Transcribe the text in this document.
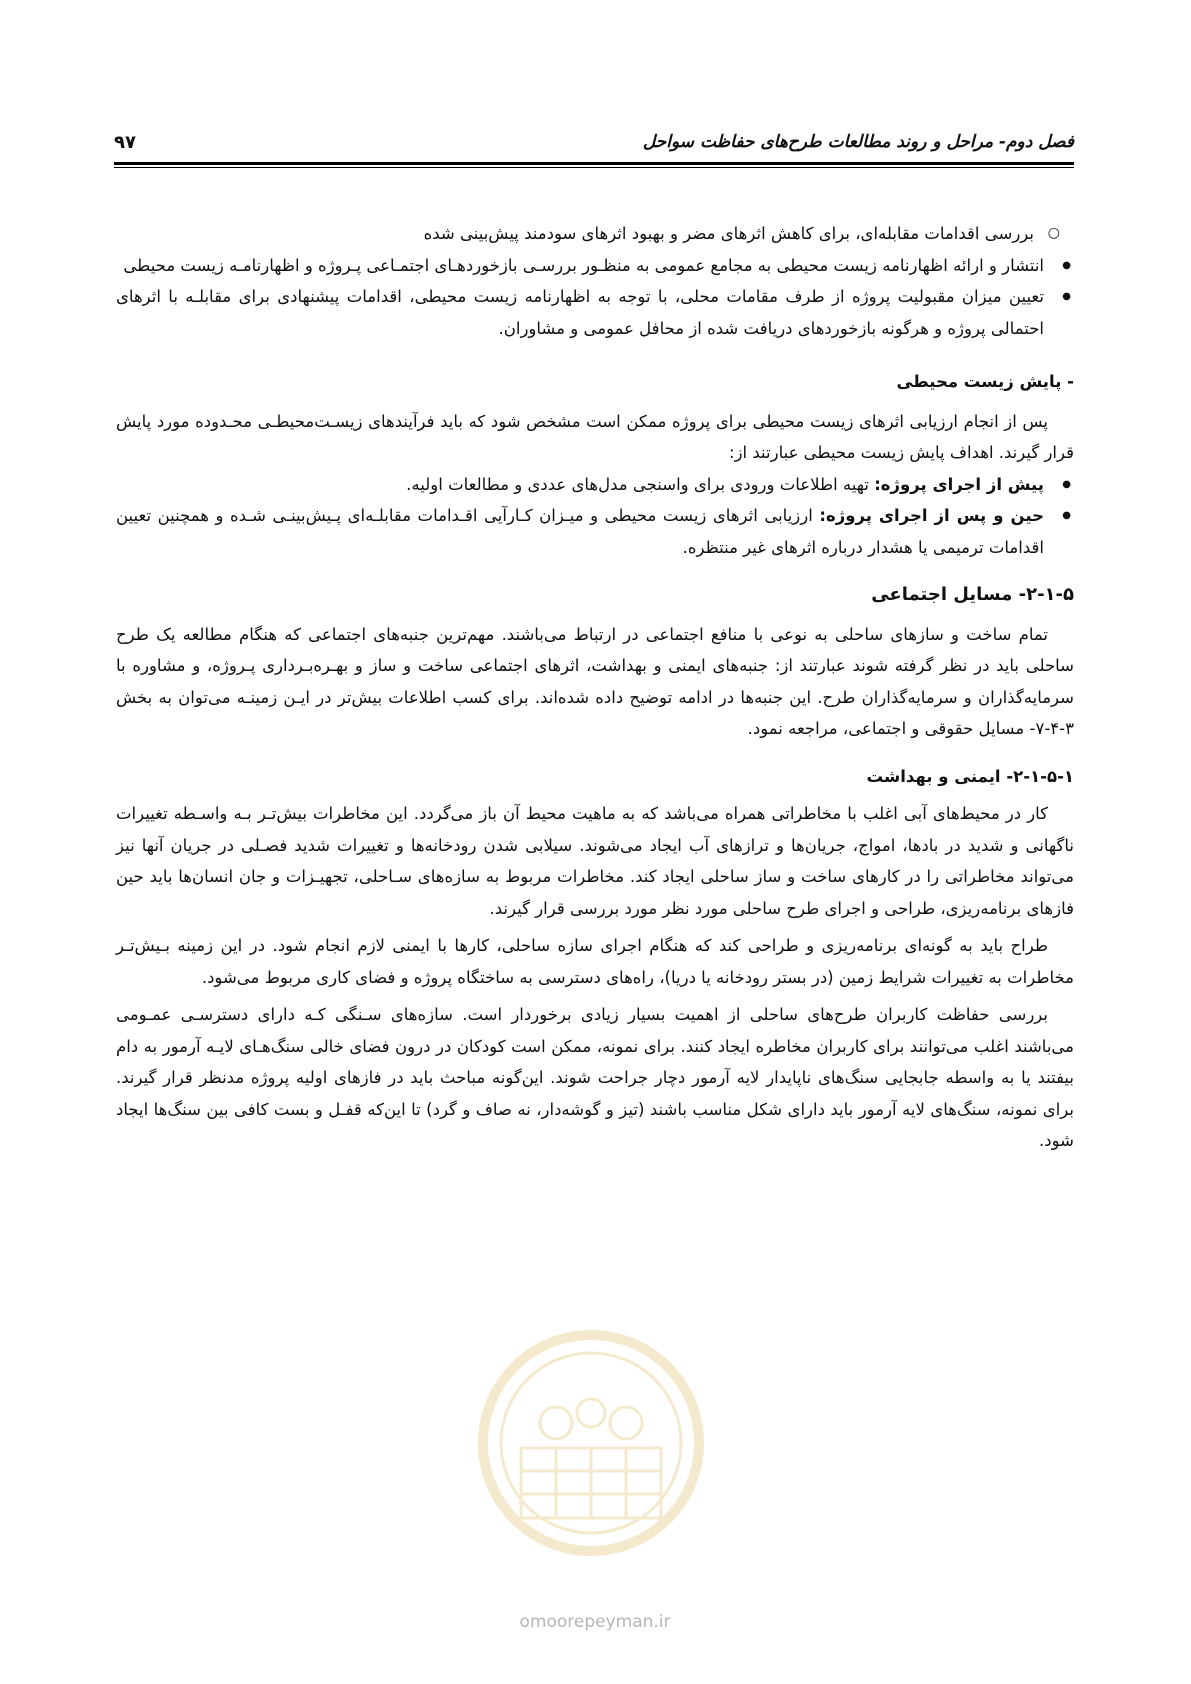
فصل دوم- مراحل و روند مطالعات طرح‌های حفاظت سواحل
۹۷
omoorepeyman.ir
○ بررسی اقدامات مقابله‌ای، برای کاهش اثرهای مضر و بهبود اثرهای سودمند پیش‌بینی شده
● انتشار و ارائه اظهارنامه زیست محیطی به مجامع عمومی به منظـور بررسـی بازخوردهـای اجتمـاعی پـروژه و اظهارنامـه زیست محیطی
● تعیین میزان مقبولیت پروژه از طرف مقامات محلی، با توجه به اظهارنامه زیست محیطی، اقدامات پیشنهادی برای مقابلـه با اثرهای احتمالی پروژه و هرگونه بازخوردهای دریافت شده از محافل عمومی و مشاوران.

- پایش زیست محیطی

پس از انجام ارزیابی اثرهای زیست محیطی برای پروژه ممکن است مشخص شود که باید فرآیندهای زیسـت‌محیطـی محـدوده مورد پایش قرار گیرند. اهداف پایش زیست محیطی عبارتند از:

● پیش از اجرای پروژه: تهیه اطلاعات ورودی برای واسنجی مدل‌های عددی و مطالعات اولیه.
● حین و پس از اجرای پروژه: ارزیابی اثرهای زیست محیطی و میـزان کـارآیی اقـدامات مقابلـه‌ای پـیش‌بینـی شـده و همچنین تعیین اقدامات ترمیمی یا هشدار درباره اثرهای غیر منتظره.

۲-۱-۵- مسایل اجتماعی

تمام ساخت و سازهای ساحلی به نوعی با منافع اجتماعی در ارتباط می‌باشند. مهم‌ترین جنبه‌های اجتماعی که هنگام مطالعه یک طرح ساحلی باید در نظر گرفته شوند عبارتند از: جنبه‌های ایمنی و بهداشت، اثرهای اجتماعی ساخت و ساز و بهـره‌بـرداری پـروژه، و مشاوره با سرمایه‌گذاران و سرمایه‌گذاران طرح. این جنبه‌ها در ادامه توضیح داده شده‌اند. برای کسب اطلاعات بیش‌تر در ایـن زمینـه می‌توان به بخش ۳-۴-۷- مسایل حقوقی و اجتماعی، مراجعه نمود.

۲-۱-۵-۱- ایمنی و بهداشت

کار در محیط‌های آبی اغلب با مخاطراتی همراه می‌باشد که به ماهیت محیط آن باز می‌گردد. این مخاطرات بیش‌تـر بـه واسـطه تغییرات ناگهانی و شدید در بادها، امواج، جریان‌ها و ترازهای آب ایجاد می‌شوند. سیلابی شدن رودخانه‌ها و تغییرات شدید فصـلی در جریان آنها نیز می‌تواند مخاطراتی را در کارهای ساخت و ساز ساحلی ایجاد کند. مخاطرات مربوط به سازه‌های سـاحلی، تجهیـزات و جان انسان‌ها باید حین فازهای برنامه‌ریزی، طراحی و اجرای طرح ساحلی مورد نظر مورد بررسی قرار گیرند.

طراح باید به گونه‌ای برنامه‌ریزی و طراحی کند که هنگام اجرای سازه ساحلی، کارها با ایمنی لازم انجام شود. در این زمینه بـیش‌تـر مخاطرات به تغییرات شرایط زمین (در بستر رودخانه یا دریا)، راه‌های دسترسی به ساختگاه پروژه و فضای کاری مربوط می‌شود.

بررسی حفاظت کاربران طرح‌های ساحلی از اهمیت بسیار زیادی برخوردار است. سازه‌های سـنگی کـه دارای دسترسـی عمـومی می‌باشند اغلب می‌توانند برای کاربران مخاطره ایجاد کنند. برای نمونه، ممکن است کودکان در درون فضای خالی سنگ‌هـای لایـه آرمور به دام بیفتند یا به واسطه جابجایی سنگ‌های ناپایدار لایه آرمور دچار جراحت شوند. این‌گونه مباحث باید در فازهای اولیه پروژه مدنظر قرار گیرند. برای نمونه، سنگ‌های لایه آرمور باید دارای شکل مناسب باشند (تیز و گوشه‌دار، نه صاف و گرد) تا این‌که قفـل و بست کافی بین سنگ‌ها ایجاد شود.
